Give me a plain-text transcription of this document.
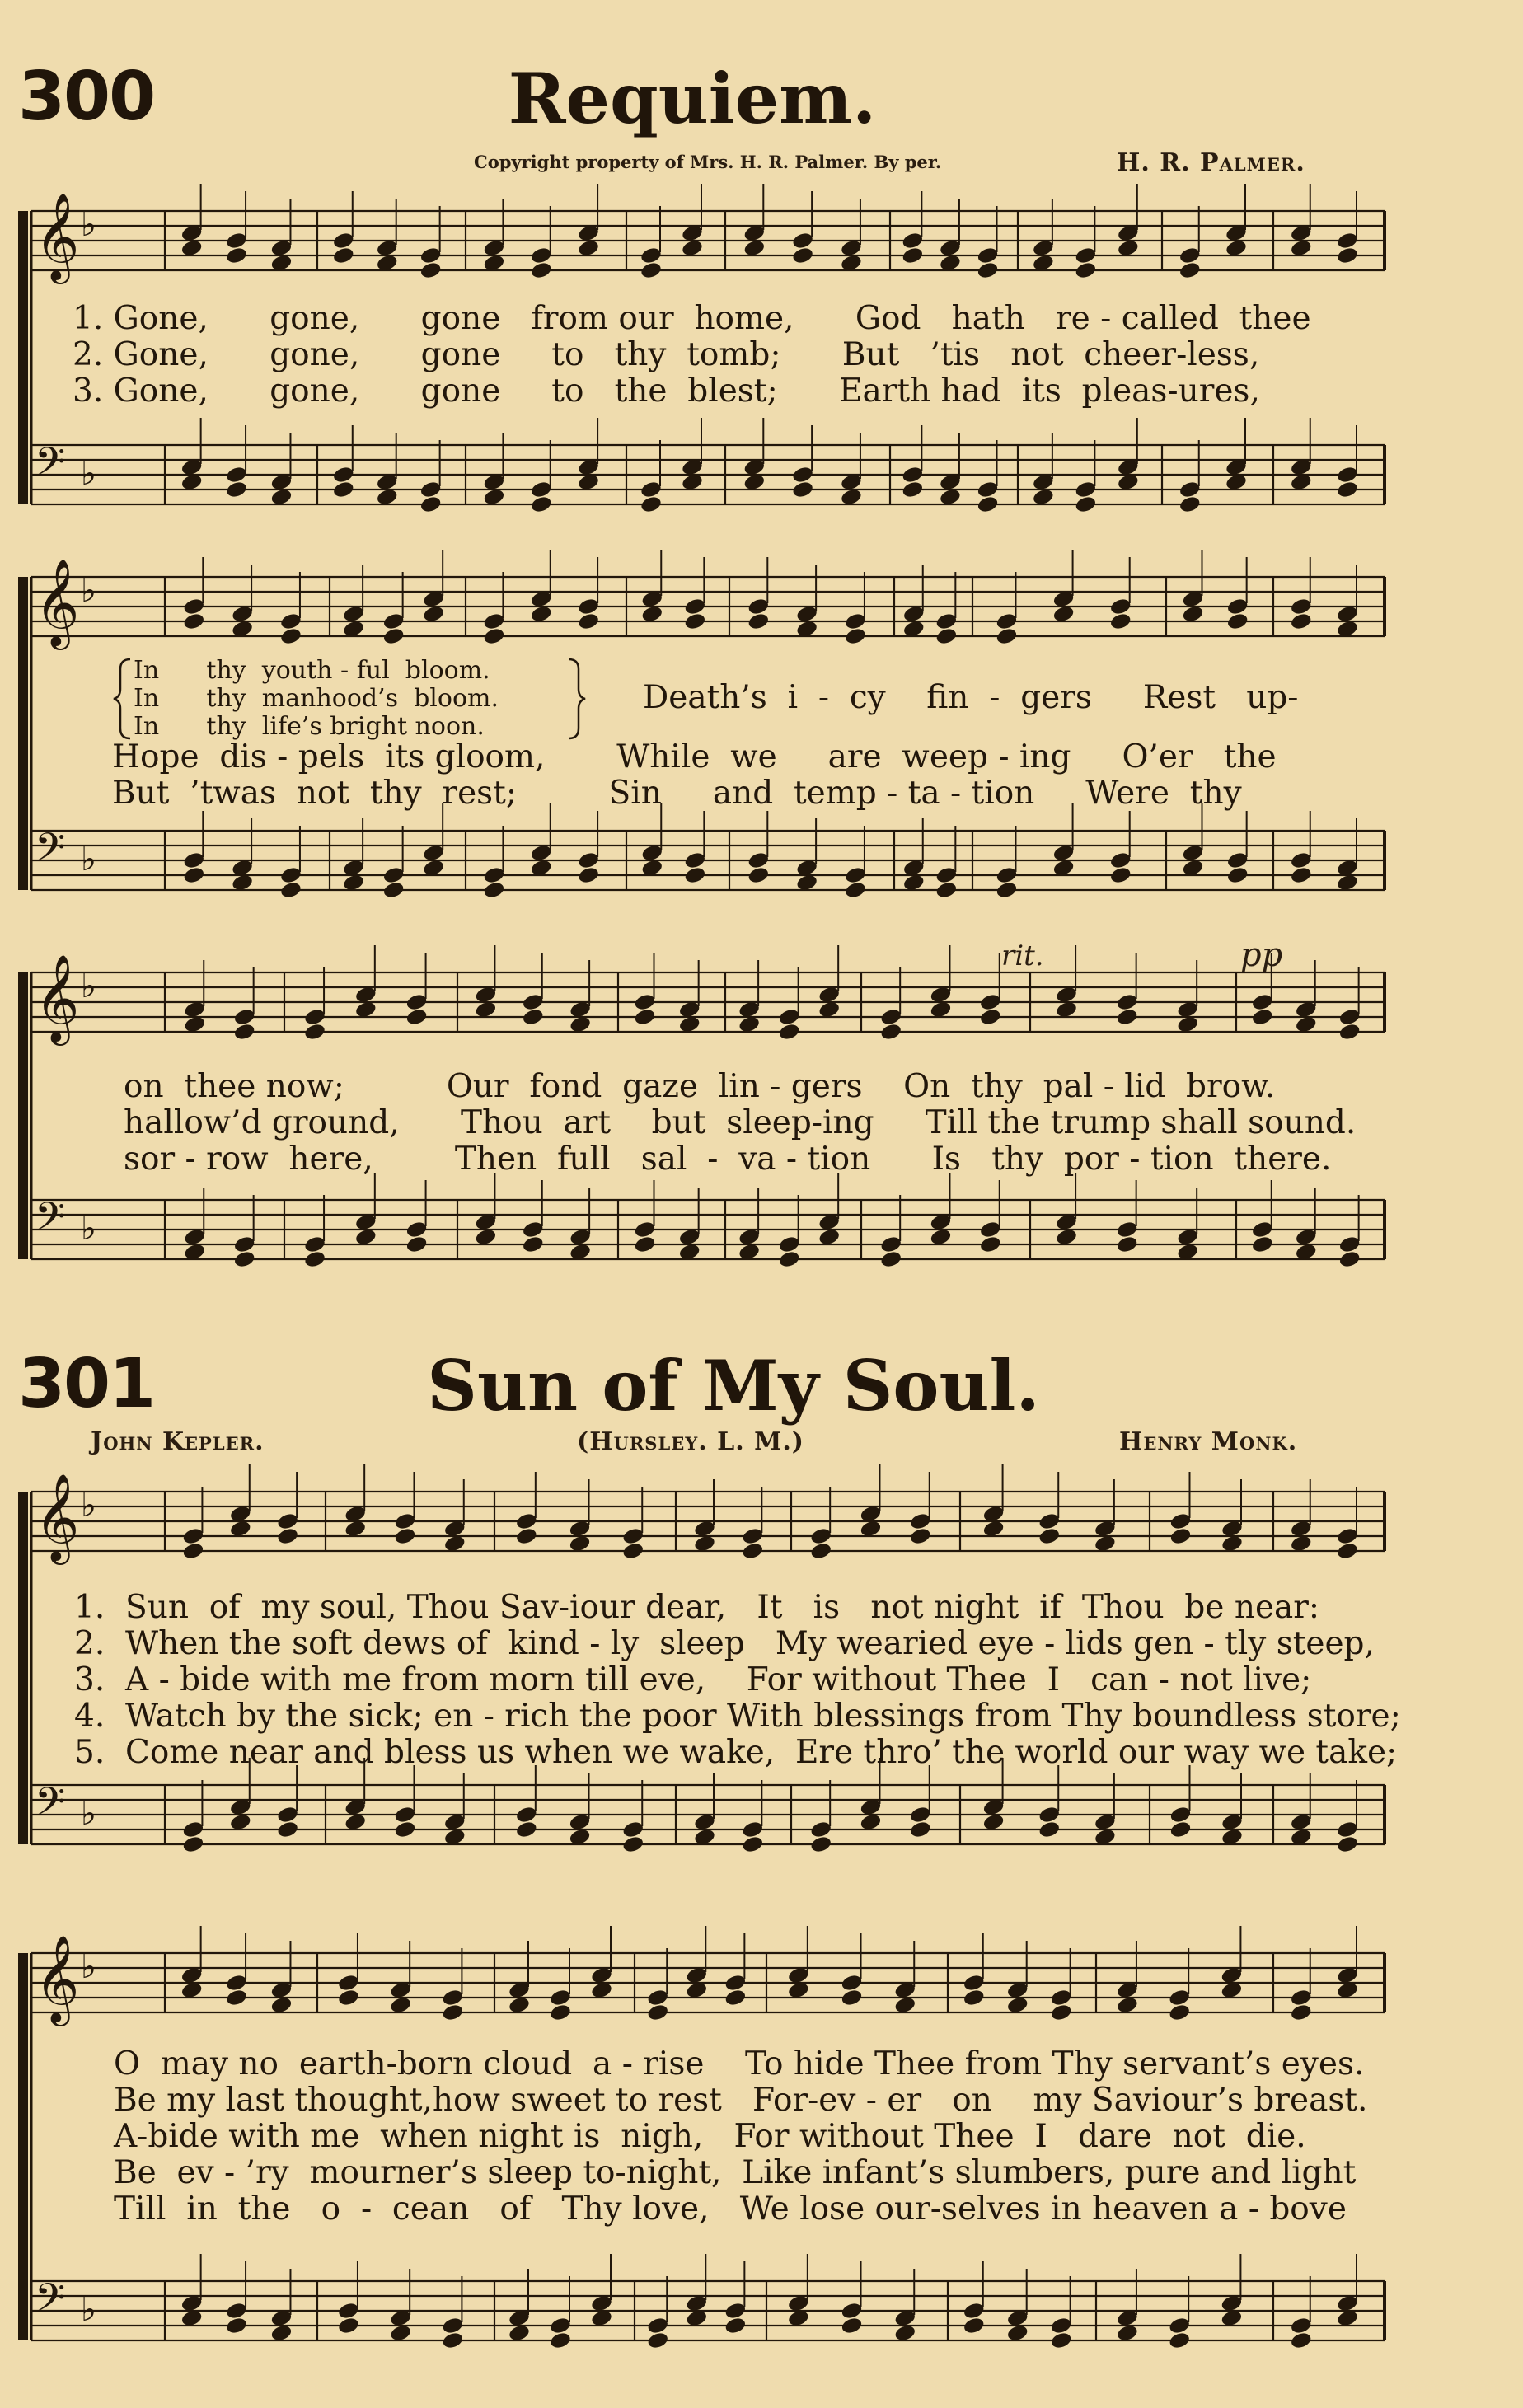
𝄞 ♭
𝄢 ♭
𝄞 ♭
𝄢 ♭
𝄞 ♭
𝄢 ♭
𝄞 ♭
𝄢 ♭
𝄞 ♭
𝄢 ♭
300	Requiem.
Copyright property of Mrs. H. R. Palmer. By per.	H. R. Palmer.
1. Gone,      gone,      gone   from our  home,      God   hath   re - called  thee
2. Gone,      gone,      gone     to   thy  tomb;      But   ’tis   not  cheer-less,
3. Gone,      gone,      gone     to   the  blest;      Earth had  its  pleas-ures,
In      thy  youth - ful  bloom.
In      thy  manhood’s  bloom.
In      thy  life’s bright noon.
Death’s  i  -  cy    fin  -  gers     Rest   up-
Hope  dis - pels  its gloom,       While  we     are  weep - ing     O’er   the
But  ’twas  not  thy  rest;         Sin     and  temp - ta - tion     Were  thy
on  thee now;          Our  fond  gaze  lin - gers    On  thy  pal - lid  brow.
hallow’d ground,      Thou  art    but  sleep-ing     Till the trump shall sound.
sor - row  here,        Then  full   sal  -  va - tion      Is   thy  por - tion  there.
rit.	pp
301	Sun of My Soul.
John Kepler.	(Hursley. L. M.)	Henry Monk.
1.  Sun  of  my soul, Thou Sav-iour dear,   It   is   not night  if  Thou  be near:
2.  When the soft dews of  kind - ly  sleep   My wearied eye - lids gen - tly steep,
3.  A - bide with me from morn till eve,    For without Thee  I   can - not live;
4.  Watch by the sick; en - rich the poor With blessings from Thy boundless store;
5.  Come near and bless us when we wake,  Ere thro’ the world our way we take;
O  may no  earth-born cloud  a - rise    To hide Thee from Thy servant’s eyes.
Be my last thought,how sweet to rest   For-ev - er   on    my Saviour’s breast.
A-bide with me  when night is  nigh,   For without Thee  I   dare  not  die.
Be  ev - ’ry  mourner’s sleep to-night,  Like infant’s slumbers, pure and light
Till  in  the   o  -  cean   of   Thy love,   We lose our-selves in heaven a - bove
